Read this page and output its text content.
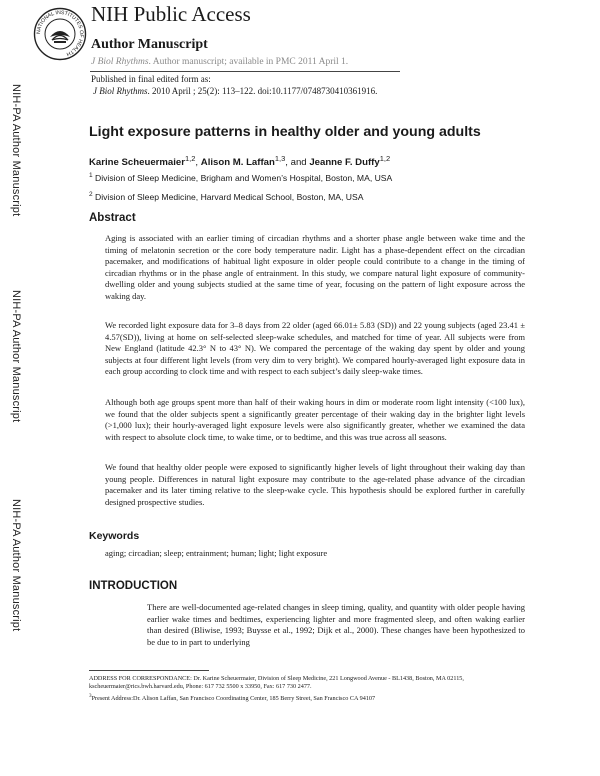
NATIONAL INSTITUTES OF HEALTH
NIH Public Access
Author Manuscript
J Biol Rhythms. Author manuscript; available in PMC 2011 April 1.
Published in final edited form as:
J Biol Rhythms. 2010 April ; 25(2): 113–122. doi:10.1177/0748730410361916.
NIH-PA Author Manuscript
NIH-PA Author Manuscript
NIH-PA Author Manuscript
Light exposure patterns in healthy older and young adults
Karine Scheuermaier$^{1,2}$, Alison M. Laffan$^{1,3}$, and Jeanne F. Duffy$^{1,2}$
$^1$ Division of Sleep Medicine, Brigham and Women’s Hospital, Boston, MA, USA
$^2$ Division of Sleep Medicine, Harvard Medical School, Boston, MA, USA
Abstract

Aging is associated with an earlier timing of circadian rhythms and a shorter phase angle between wake time and the timing of melatonin secretion or the core body temperature nadir. Light has a phase-dependent effect on the circadian pacemaker, and modifications of habitual light exposure in older people could contribute to a change in the timing of circadian rhythms or in the phase angle of entrainment. In this study, we compare natural light exposure of community-dwelling older and young subjects studied at the same time of year, focusing on the pattern of light exposure across the waking day.

We recorded light exposure data for 3–8 days from 22 older (aged 66.01± 5.83 (SD)) and 22 young subjects (aged 23.41 ± 4.57(SD)), living at home on self-selected sleep-wake schedules, and matched for time of year. All subjects were from New England (latitude 42.3° N to 43° N). We compared the percentage of the waking day spent by older and young subjects at four different light levels (from very dim to very bright). We compared hourly-averaged light exposure data in each group according to clock time and with respect to each subject’s daily sleep-wake times.

Although both age groups spent more than half of their waking hours in dim or moderate room light intensity (<100 lux), we found that the older subjects spent a significantly greater percentage of their waking day in the brighter light levels (>1,000 lux); their hourly-averaged light exposure levels were also significantly greater, whether we examined the data with respect to absolute clock time, to wake time, or to bedtime, and this was true across all seasons.

We found that healthy older people were exposed to significantly higher levels of light throughout their waking day than young people. Differences in natural light exposure may contribute to the age-related phase advance of the circadian pacemaker and its later timing relative to the sleep-wake cycle. This hypothesis should be explored further in carefully designed prospective studies.

Keywords
aging; circadian; sleep; entrainment; human; light; light exposure
INTRODUCTION

There are well-documented age-related changes in sleep timing, quality, and quantity with older people having earlier wake times and bedtimes, experiencing lighter and more fragmented sleep, and often waking earlier than desired (Bliwise, 1993; Buysse et al., 1992; Dijk et al., 2000). These changes have been hypothesized to be due to in part to underlying

ADDRESS FOR CORRESPONDANCE: Dr. Karine Scheuermaier, Division of Sleep Medicine, 221 Longwood Avenue - BL1438, Boston, MA 02115, kscheuermaier@rics.bwh.harvard.edu, Phone: 617 732 5500 x 33950, Fax: 617 730 2477.

$^3$Present Address:Dr. Alison Laffan, San Francisco Coordinating Center, 185 Berry Street, San Francisco CA 94107
